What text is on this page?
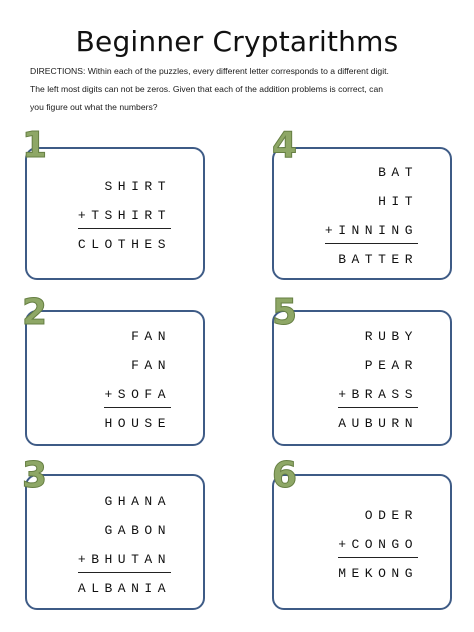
Beginner Cryptarithms

DIRECTIONS: Within each of the puzzles, every different letter corresponds to a different digit.

The left most digits can not be zeros. Given that each of the addition problems is correct, can

you figure out what the numbers?

SHIRT
+TSHIRT
CLOTHES
1
FAN
FAN
+SOFA
HOUSE
2
GHANA
GABON
+BHUTAN
ALBANIA
3
BAT
HIT
+INNING
BATTER
4
RUBY
PEAR
+BRASS
AUBURN
5
ODER
+CONGO
MEKONG
6
